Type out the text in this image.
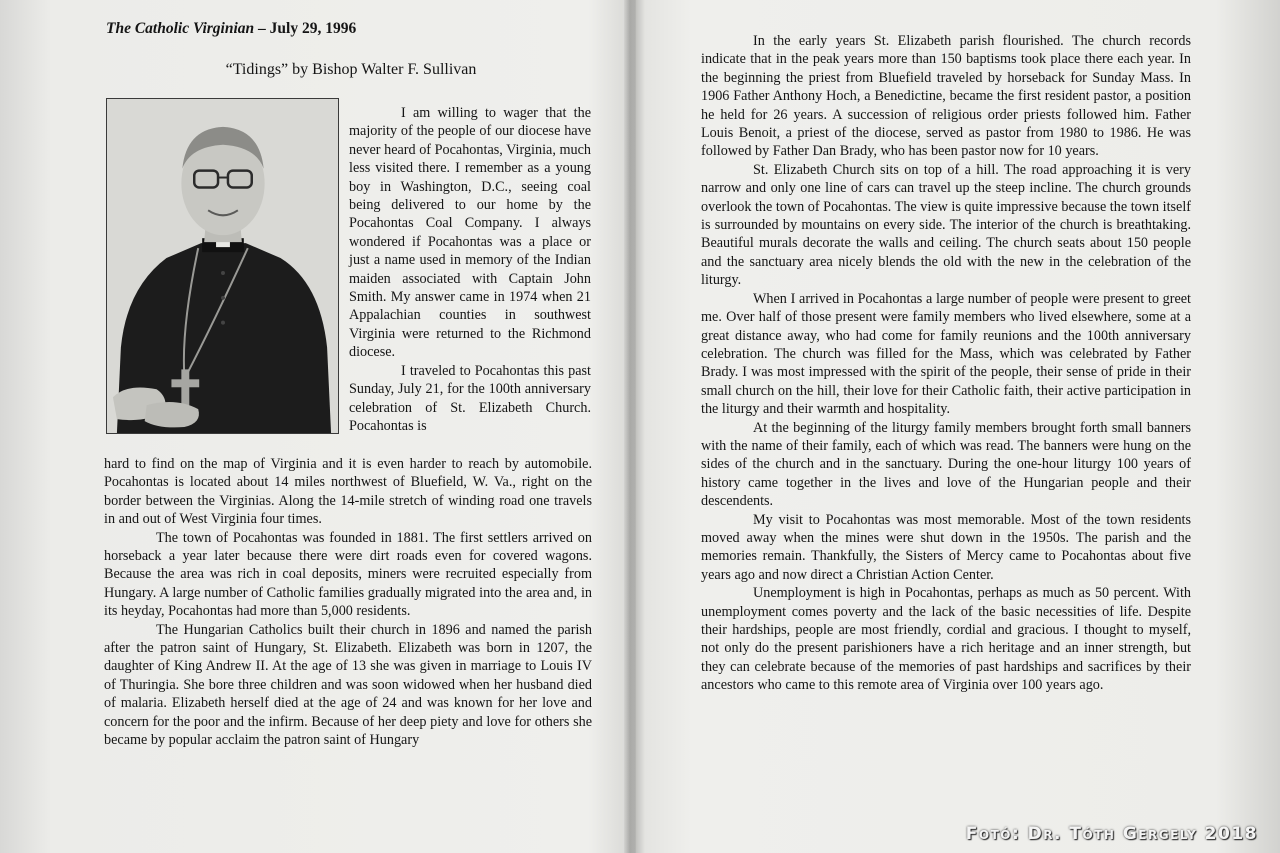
The Catholic Virginian – July 29, 1996
“Tidings” by Bishop Walter F. Sullivan

I am willing to wager that the majority of the people of our diocese have never heard of Pocahontas, Virginia, much less visited there. I remember as a young boy in Washington, D.C., seeing coal being delivered to our home by the Pocahontas Coal Company. I always wondered if Pocahontas was a place or just a name used in memory of the Indian maiden associated with Captain John Smith. My answer came in 1974 when 21 Appalachian counties in southwest Virginia were returned to the Richmond diocese.

I traveled to Pocahontas this past Sunday, July 21, for the 100th anniversary celebration of St. Elizabeth Church. Pocahontas is

hard to find on the map of Virginia and it is even harder to reach by automobile. Pocahontas is located about 14 miles northwest of Bluefield, W. Va., right on the border between the Virginias. Along the 14-mile stretch of winding road one travels in and out of West Virginia four times.

The town of Pocahontas was founded in 1881. The first settlers arrived on horseback a year later because there were dirt roads even for covered wagons. Because the area was rich in coal deposits, miners were recruited especially from Hungary. A large number of Catholic families gradually migrated into the area and, in its heyday, Pocahontas had more than 5,000 residents.

The Hungarian Catholics built their church in 1896 and named the parish after the patron saint of Hungary, St. Elizabeth. Elizabeth was born in 1207, the daughter of King Andrew II. At the age of 13 she was given in marriage to Louis IV of Thuringia. She bore three children and was soon widowed when her husband died of malaria. Elizabeth herself died at the age of 24 and was known for her love and concern for the poor and the infirm. Because of her deep piety and love for others she became by popular acclaim the patron saint of Hungary

In the early years St. Elizabeth parish flourished. The church records indicate that in the peak years more than 150 baptisms took place there each year. In the beginning the priest from Bluefield traveled by horseback for Sunday Mass. In 1906 Father Anthony Hoch, a Benedictine, became the first resident pastor, a position he held for 26 years. A succession of religious order priests followed him. Father Louis Benoit, a priest of the diocese, served as pastor from 1980 to 1986. He was followed by Father Dan Brady, who has been pastor now for 10 years.

St. Elizabeth Church sits on top of a hill. The road approaching it is very narrow and only one line of cars can travel up the steep incline. The church grounds overlook the town of Pocahontas. The view is quite impressive because the town itself is surrounded by mountains on every side. The interior of the church is breathtaking. Beautiful murals decorate the walls and ceiling. The church seats about 150 people and the sanctuary area nicely blends the old with the new in the celebration of the liturgy.

When I arrived in Pocahontas a large number of people were present to greet me. Over half of those present were family members who lived elsewhere, some at a great distance away, who had come for family reunions and the 100th anniversary celebration. The church was filled for the Mass, which was celebrated by Father Brady. I was most impressed with the spirit of the people, their sense of pride in their small church on the hill, their love for their Catholic faith, their active participation in the liturgy and their warmth and hospitality.

At the beginning of the liturgy family members brought forth small banners with the name of their family, each of which was read. The banners were hung on the sides of the church and in the sanctuary. During the one-hour liturgy 100 years of history came together in the lives and love of the Hungarian people and their descendents.

My visit to Pocahontas was most memorable. Most of the town residents moved away when the mines were shut down in the 1950s. The parish and the memories remain. Thankfully, the Sisters of Mercy came to Pocahontas about five years ago and now direct a Christian Action Center.

Unemployment is high in Pocahontas, perhaps as much as 50 percent. With unemployment comes poverty and the lack of the basic necessities of life. Despite their hardships, people are most friendly, cordial and gracious. I thought to myself, not only do the present parishioners have a rich heritage and an inner strength, but they can celebrate because of the memories of past hardships and sacrifices by their ancestors who came to this remote area of Virginia over 100 years ago.

Fotó: Dr. Tóth Gergely 2018
